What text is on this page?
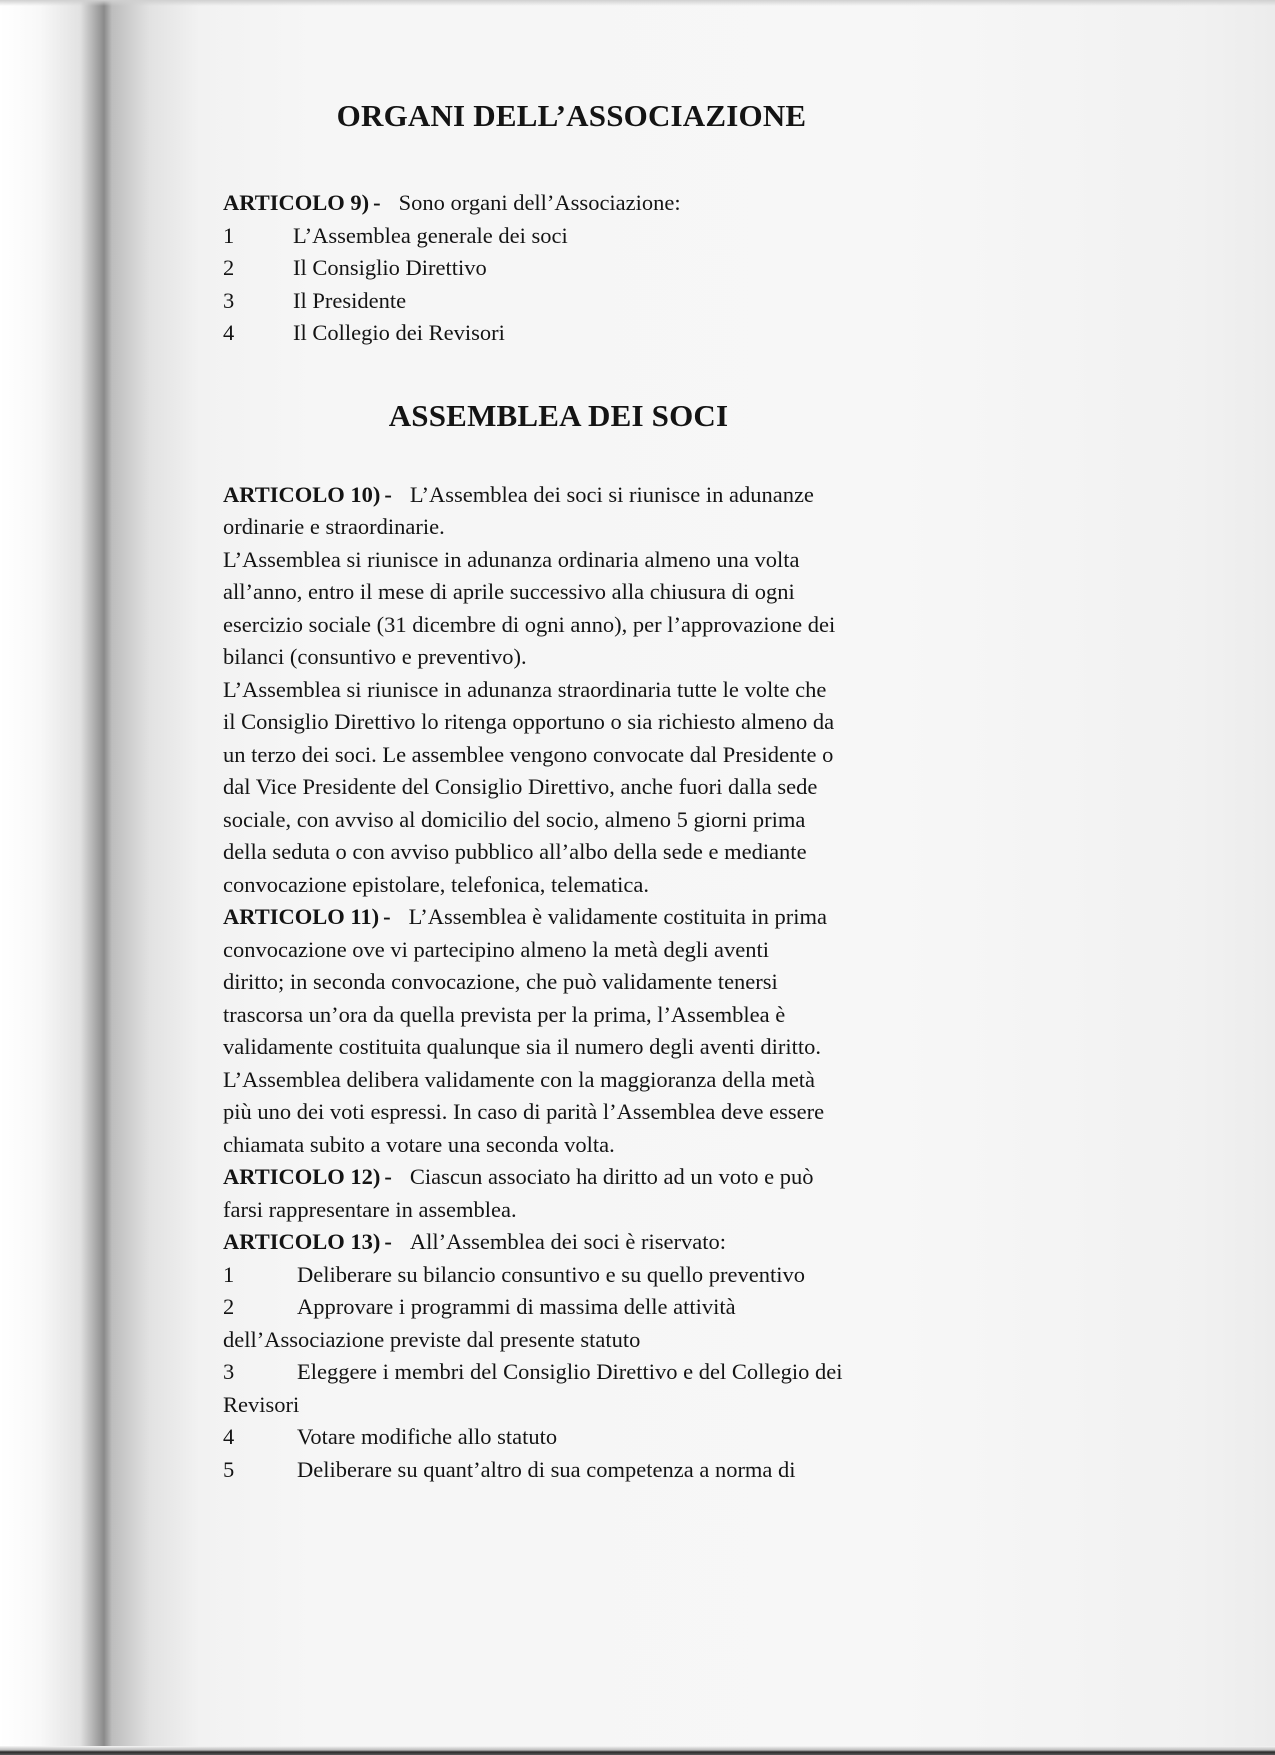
ORGANI DELL’ASSOCIAZIONE

ARTICOLO 9) - Sono organi dell’Associazione:

1	L’Assemblea generale dei soci
2	Il Consiglio Direttivo
3	Il Presidente
4	Il Collegio dei Revisori
ASSEMBLEA DEI SOCI

ARTICOLO 10) - L’Assemblea dei soci si riunisce in adunanze

ordinarie e straordinarie.

L’Assemblea si riunisce in adunanza ordinaria almeno una volta

all’anno, entro il mese di aprile successivo alla chiusura di ogni

esercizio sociale (31 dicembre di ogni anno), per l’approvazione dei

bilanci (consuntivo e preventivo).

L’Assemblea si riunisce in adunanza straordinaria tutte le volte che

il Consiglio Direttivo lo ritenga opportuno o sia richiesto almeno da

un terzo dei soci. Le assemblee vengono convocate dal Presidente o

dal Vice Presidente del Consiglio Direttivo, anche fuori dalla sede

sociale, con avviso al domicilio del socio, almeno 5 giorni prima

della seduta o con avviso pubblico all’albo della sede e mediante

convocazione epistolare, telefonica, telematica.

ARTICOLO 11) - L’Assemblea è validamente costituita in prima

convocazione ove vi partecipino almeno la metà degli aventi

diritto; in seconda convocazione, che può validamente tenersi

trascorsa un’ora da quella prevista per la prima, l’Assemblea è

validamente costituita qualunque sia il numero degli aventi diritto.

L’Assemblea delibera validamente con la maggioranza della metà

più uno dei voti espressi. In caso di parità l’Assemblea deve essere

chiamata subito a votare una seconda volta.

ARTICOLO 12) - Ciascun associato ha diritto ad un voto e può

farsi rappresentare in assemblea.

ARTICOLO 13) - All’Assemblea dei soci è riservato:

1	Deliberare su bilancio consuntivo e su quello preventivo
2	Approvare i programmi di massima delle attività

dell’Associazione previste dal presente statuto

3	Eleggere i membri del Consiglio Direttivo e del Collegio dei

Revisori

4	Votare modifiche allo statuto
5	Deliberare su quant’altro di sua competenza a norma di
